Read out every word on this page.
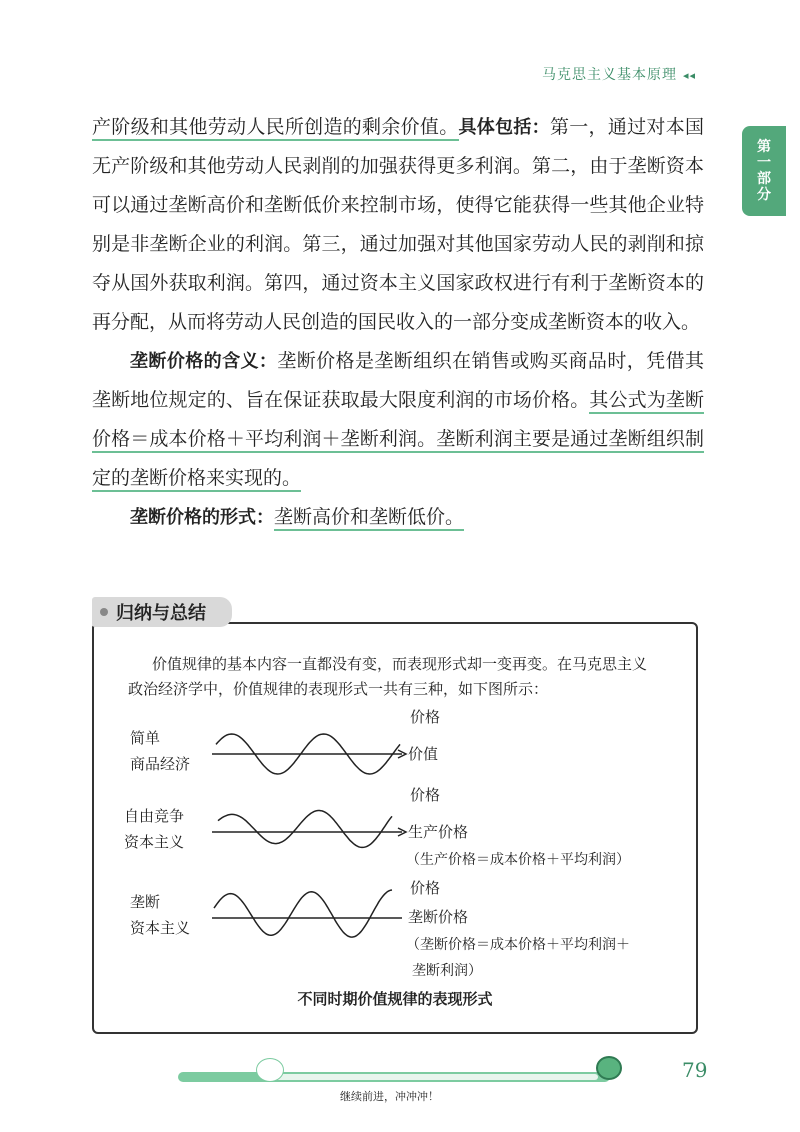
马克思主义基本原理 ◂◂
第
一
部
分

产阶级和其他劳动人民所创造的剩余价值。具体包括：第一，通过对本国无产阶级和其他劳动人民剥削的加强获得更多利润。第二，由于垄断资本可以通过垄断高价和垄断低价来控制市场，使得它能获得一些其他企业特别是非垄断企业的利润。第三，通过加强对其他国家劳动人民的剥削和掠夺从国外获取利润。第四，通过资本主义国家政权进行有利于垄断资本的再分配，从而将劳动人民创造的国民收入的一部分变成垄断资本的收入。

垄断价格的含义：垄断价格是垄断组织在销售或购买商品时，凭借其垄断地位规定的、旨在保证获取最大限度利润的市场价格。其公式为垄断价格＝成本价格＋平均利润＋垄断利润。垄断利润主要是通过垄断组织制定的垄断价格来实现的。

垄断价格的形式：垄断高价和垄断低价。

归纳与总结
价值规律的基本内容一直都没有变，而表现形式却一变再变。在马克思主义政治经济学中，价值规律的表现形式一共有三种，如下图所示：
简单
商品经济
价格
价值
自由竞争
资本主义
价格
生产价格
（生产价格＝成本价格＋平均利润）
垄断
资本主义
价格
垄断价格
（垄断价格＝成本价格＋平均利润＋
垄断利润）
不同时期价值规律的表现形式
79
继续前进，冲冲冲！
